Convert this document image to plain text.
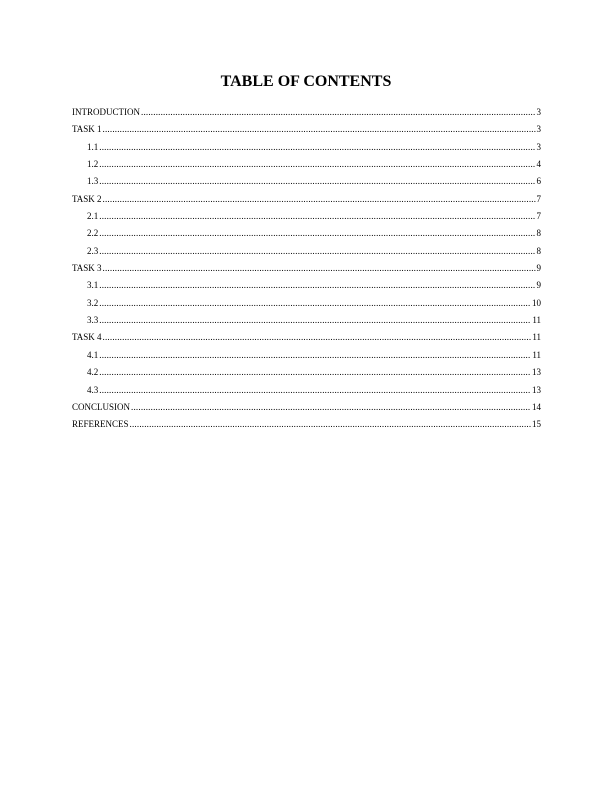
TABLE OF CONTENTS
INTRODUCTION .....	3
TASK 1 .....	3
1.1 .....	3
1.2 .....	4
1.3 .....	6
TASK 2 .....	7
2.1 .....	7
2.2 .....	8
2.3 .....	8
TASK 3 .....	9
3.1 .....	9
3.2 .....	10
3.3 .....	11
TASK 4 .....	11
4.1 .....	11
4.2 .....	13
4.3 .....	13
CONCLUSION .....	14
REFERENCES .....	15
